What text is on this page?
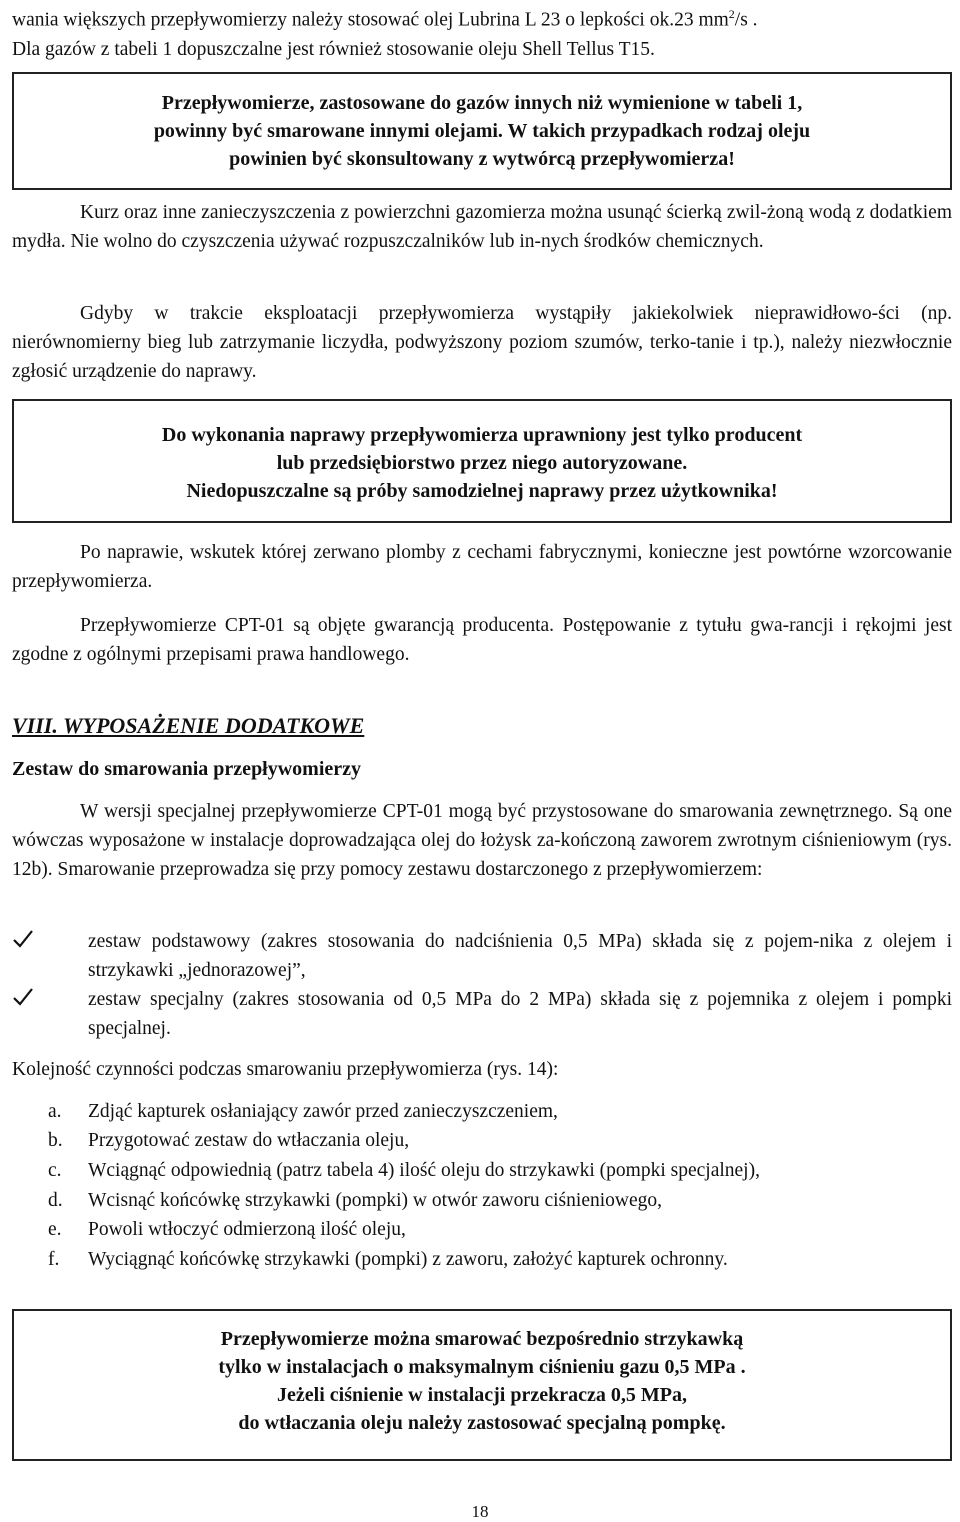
wania większych przepływomierzy należy stosować olej Lubrina L 23 o lepkości ok.23 $mm^2/s$ .
Dla gazów z tabeli 1 dopuszczalne jest również stosowanie oleju Shell Tellus T15.

Przepływomierze, zastosowane do gazów innych niż wymienione w tabeli 1,

powinny być smarowane innymi olejami. W takich przypadkach rodzaj oleju

powinien być skonsultowany z wytwórcą przepływomierza!

Kurz oraz inne zanieczyszczenia z powierzchni gazomierza można usunąć ścierką zwil-żoną wodą z dodatkiem mydła. Nie wolno do czyszczenia używać rozpuszczalników lub in-nych środków chemicznych.

Gdyby w trakcie eksploatacji przepływomierza wystąpiły jakiekolwiek nieprawidłowo-ści (np. nierównomierny bieg lub zatrzymanie liczydła, podwyższony poziom szumów, terko-tanie i tp.), należy niezwłocznie zgłosić urządzenie do naprawy.

Do wykonania naprawy przepływomierza uprawniony jest tylko producent

lub przedsiębiorstwo przez niego autoryzowane.

Niedopuszczalne są próby samodzielnej naprawy przez użytkownika!

Po naprawie, wskutek której zerwano plomby z cechami fabrycznymi, konieczne jest powtórne wzorcowanie przepływomierza.

Przepływomierze CPT-01 są objęte gwarancją producenta. Postępowanie z tytułu gwa-rancji i rękojmi jest zgodne z ogólnymi przepisami prawa handlowego.

VIII. WYPOSAŻENIE DODATKOWE
Zestaw do smarowania przepływomierzy

W wersji specjalnej przepływomierze CPT-01 mogą być przystosowane do smarowania zewnętrznego. Są one wówczas wyposażone w instalacje doprowadzająca olej do łożysk za-kończoną zaworem zwrotnym ciśnieniowym (rys. 12b). Smarowanie przeprowadza się przy pomocy zestawu dostarczonego z przepływomierzem:

zestaw podstawowy (zakres stosowania do nadciśnienia 0,5 MPa) składa się z pojem-nika z olejem i strzykawki „jednorazowej”,
zestaw specjalny (zakres stosowania od 0,5 MPa do 2 MPa) składa się z pojemnika z olejem i pompki specjalnej.

Kolejność czynności podczas smarowaniu przepływomierza (rys. 14):

a. Zdjąć kapturek osłaniający zawór przed zanieczyszczeniem,
b. Przygotować zestaw do wtłaczania oleju,
c. Wciągnąć odpowiednią (patrz tabela 4) ilość oleju do strzykawki (pompki specjalnej),
d. Wcisnąć końcówkę strzykawki (pompki) w otwór zaworu ciśnieniowego,
e. Powoli wtłoczyć odmierzoną ilość oleju,
f. Wyciągnąć końcówkę strzykawki (pompki) z zaworu, założyć kapturek ochronny.

Przepływomierze można smarować bezpośrednio strzykawką

tylko w instalacjach o maksymalnym ciśnieniu gazu 0,5 MPa .

Jeżeli ciśnienie w instalacji przekracza 0,5 MPa,

do wtłaczania oleju należy zastosować specjalną pompkę.

18
